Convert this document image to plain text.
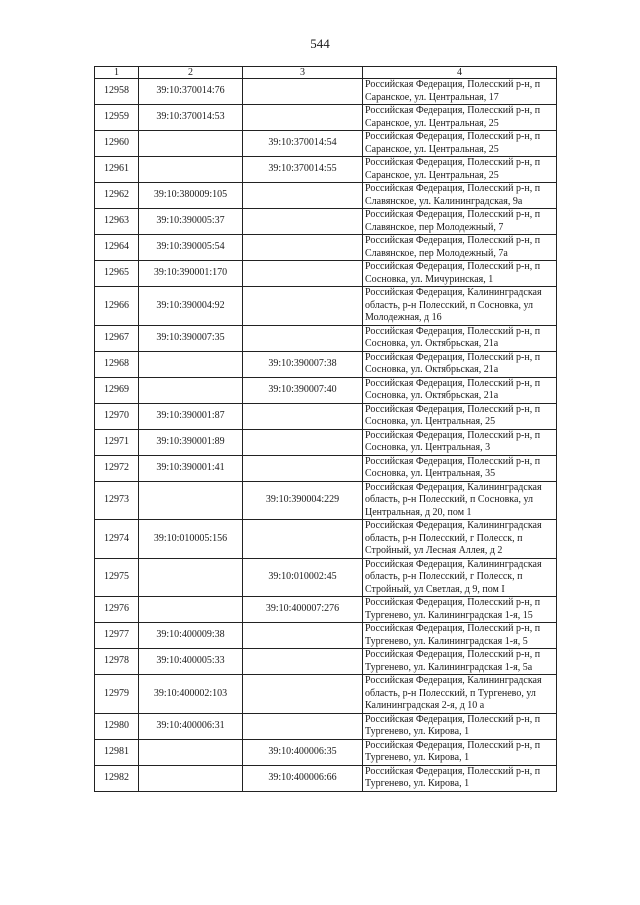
544
1	2	3	4
12958	39:10:370014:76		Российская Федерация, Полесский р-н, п Саранское, ул. Центральная, 17
12959	39:10:370014:53		Российская Федерация, Полесский р-н, п Саранское, ул. Центральная, 25
12960		39:10:370014:54	Российская Федерация, Полесский р-н, п Саранское, ул. Центральная, 25
12961		39:10:370014:55	Российская Федерация, Полесский р-н, п Саранское, ул. Центральная, 25
12962	39:10:380009:105		Российская Федерация, Полесский р-н, п Славянское, ул. Калининградская, 9а
12963	39:10:390005:37		Российская Федерация, Полесский р-н, п Славянское, пер Молодежный, 7
12964	39:10:390005:54		Российская Федерация, Полесский р-н, п Славянское, пер Молодежный, 7а
12965	39:10:390001:170		Российская Федерация, Полесский р-н, п Сосновка, ул. Мичуринская, 1
12966	39:10:390004:92		Российская Федерация, Калининградская область, р-н Полесский, п Сосновка, ул Молодежная, д 16
12967	39:10:390007:35		Российская Федерация, Полесский р-н, п Сосновка, ул. Октябрьская, 21а
12968		39:10:390007:38	Российская Федерация, Полесский р-н, п Сосновка, ул. Октябрьская, 21а
12969		39:10:390007:40	Российская Федерация, Полесский р-н, п Сосновка, ул. Октябрьская, 21а
12970	39:10:390001:87		Российская Федерация, Полесский р-н, п Сосновка, ул. Центральная, 25
12971	39:10:390001:89		Российская Федерация, Полесский р-н, п Сосновка, ул. Центральная, 3
12972	39:10:390001:41		Российская Федерация, Полесский р-н, п Сосновка, ул. Центральная, 35
12973		39:10:390004:229	Российская Федерация, Калининградская область, р-н Полесский, п Сосновка, ул Центральная, д 20, пом 1
12974	39:10:010005:156		Российская Федерация, Калининградская область, р-н Полесский, г Полесск, п Стройный, ул Лесная Аллея, д 2
12975		39:10:010002:45	Российская Федерация, Калининградская область, р-н Полесский, г Полесск, п Стройный, ул Светлая, д 9, пом I
12976		39:10:400007:276	Российская Федерация, Полесский р-н, п Тургенево, ул. Калининградская 1-я, 15
12977	39:10:400009:38		Российская Федерация, Полесский р-н, п Тургенево, ул. Калининградская 1-я, 5
12978	39:10:400005:33		Российская Федерация, Полесский р-н, п Тургенево, ул. Калининградская 1-я, 5а
12979	39:10:400002:103		Российская Федерация, Калининградская область, р-н Полесский, п Тургенево, ул Калининградская 2-я, д 10 а
12980	39:10:400006:31		Российская Федерация, Полесский р-н, п Тургенево, ул. Кирова, 1
12981		39:10:400006:35	Российская Федерация, Полесский р-н, п Тургенево, ул. Кирова, 1
12982		39:10:400006:66	Российская Федерация, Полесский р-н, п Тургенево, ул. Кирова, 1
